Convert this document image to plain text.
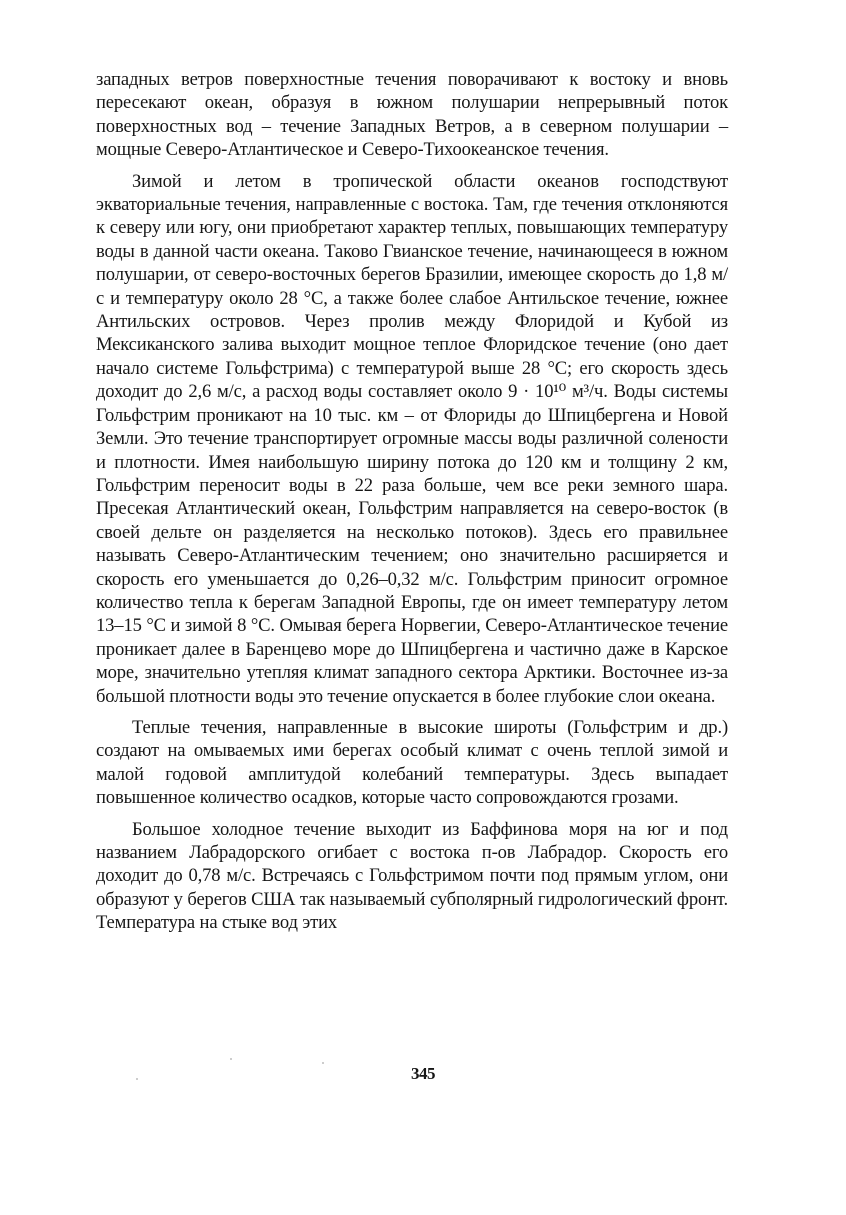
западных ветров поверхностные течения поворачивают к востоку и вновь пересекают океан, образуя в южном полушарии непрерывный поток поверхностных вод – течение Западных Ветров, а в северном полушарии – мощные Северо-Атлантическое и Северо-Тихоокеанское течения.

Зимой и летом в тропической области океанов господствуют экваториальные течения, направленные с востока. Там, где течения отклоняются к северу или югу, они приобретают характер теплых, повышающих температуру воды в данной части океана. Таково Гвианское течение, начинающееся в южном полушарии, от северо-восточных берегов Бразилии, имеющее скорость до 1,8 м/с и температуру около 28 °С, а также более слабое Антильское течение, южнее Антильских островов. Через пролив между Флоридой и Кубой из Мексиканского залива выходит мощное теплое Флоридское течение (оно дает начало системе Гольфстрима) с температурой выше 28 °С; его скорость здесь доходит до 2,6 м/с, а расход воды составляет около 9 · 10¹⁰ м³/ч. Воды системы Гольфстрим проникают на 10 тыс. км – от Флориды до Шпицбергена и Новой Земли. Это течение транспортирует огромные массы воды различной солености и плотности. Имея наибольшую ширину потока до 120 км и толщину 2 км, Гольфстрим переносит воды в 22 раза больше, чем все реки земного шара. Пресекая Атлантический океан, Гольфстрим направляется на северо-восток (в своей дельте он разделяется на несколько потоков). Здесь его правильнее называть Северо-Атлантическим течением; оно значительно расширяется и скорость его уменьшается до 0,26–0,32 м/с. Гольфстрим приносит огромное количество тепла к берегам Западной Европы, где он имеет температуру летом 13–15 °С и зимой 8 °С. Омывая берега Норвегии, Северо-Атлантическое течение проникает далее в Баренцево море до Шпицбергена и частично даже в Карское море, значительно утепляя климат западного сектора Арктики. Восточнее из-за большой плотности воды это течение опускается в более глубокие слои океана.

Теплые течения, направленные в высокие широты (Гольфстрим и др.) создают на омываемых ими берегах особый климат с очень теплой зимой и малой годовой амплитудой колебаний температуры. Здесь выпадает повышенное количество осадков, которые часто сопровождаются грозами.

Большое холодное течение выходит из Баффинова моря на юг и под названием Лабрадорского огибает с востока п-ов Лабрадор. Скорость его доходит до 0,78 м/с. Встречаясь с Гольфстримом почти под прямым углом, они образуют у берегов США так называемый субполярный гидрологический фронт. Температура на стыке вод этих

345
